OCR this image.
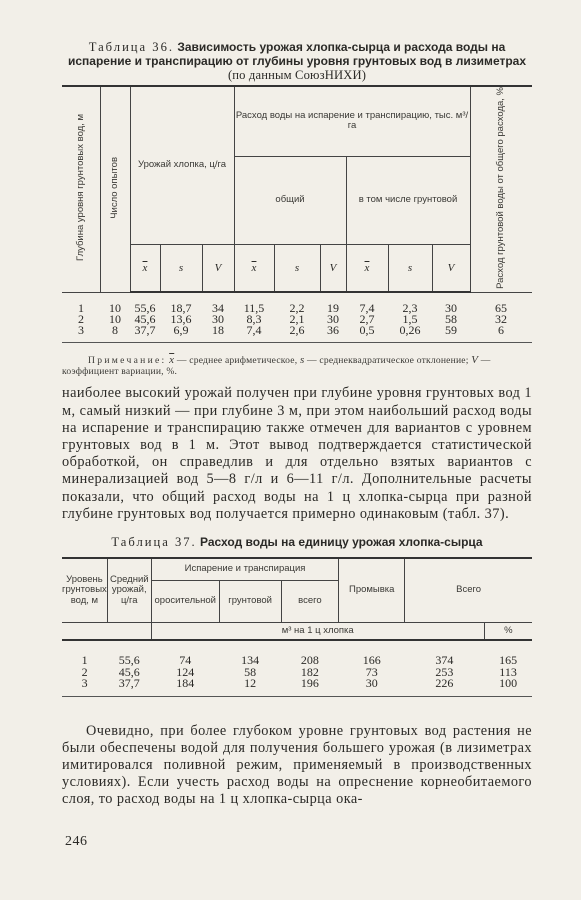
Таблица 36. Зависимость урожая хлопка-сырца и расхода воды на испарение и транспирацию от глубины уровня грунтовых вод в лизиметрах (по данным СоюзНИХИ)
Глубина уровня грунтовых вод, м	Число опытов	Урожай хлопка, ц/га			Расход воды на испарение и транспирацию, тыс. м³/га						Расход грунтовой воды от общего расхода, %
					общий			в том числе грунтовой			
		$\overline{x}$	s	V	$\overline{x}$	s	V	$\overline{x}$	s	V	

1	10	55,6	18,7	34	11,5	2,2	19	7,4	2,3	30	65
2	10	45,6	13,6	30	8,3	2,1	30	2,7	1,5	58	32
3	8	37,7	6,9	18	7,4	2,6	36	0,5	0,26	59	6

Примечание: $\overline{x}$ — среднее арифметическое, s — среднеквадратическое отклонение; V — коэффициент вариации, %.

наиболее высокий урожай получен при глубине уровня грунтовых вод 1 м, самый низкий — при глубине 3 м, при этом наибольший расход воды на испарение и транспирацию также отмечен для вариантов с уровнем грунтовых вод в 1 м. Этот вывод подтверждается статистической обработкой, он справедлив и для отдельно взятых вариантов с минерализацией вод 5—8 г/л и 6—11 г/л. Дополнительные расчеты показали, что общий расход воды на 1 ц хлопка-сырца при разной глубине грунтовых вод получается примерно одинаковым (табл. 37).

Таблица 37. Расход воды на единицу урожая хлопка-сырца
Уровень грунтовых вод, м	Средний урожай, ц/га	Испарение и транспирация			Промывка	Всего	
		оросительной	грунтовой	всего			
		м³ на 1 ц хлопка					%

1	55,6	74	134	208	166	374	165
2	45,6	124	58	182	73	253	113
3	37,7	184	12	196	30	226	100

Очевидно, при более глубоком уровне грунтовых вод растения не были обеспечены водой для получения большего урожая (в лизиметрах имитировался поливной режим, применяемый в производственных условиях). Если учесть расход воды на опреснение корнеобитаемого слоя, то расход воды на 1 ц хлопка-сырца ока-

246
